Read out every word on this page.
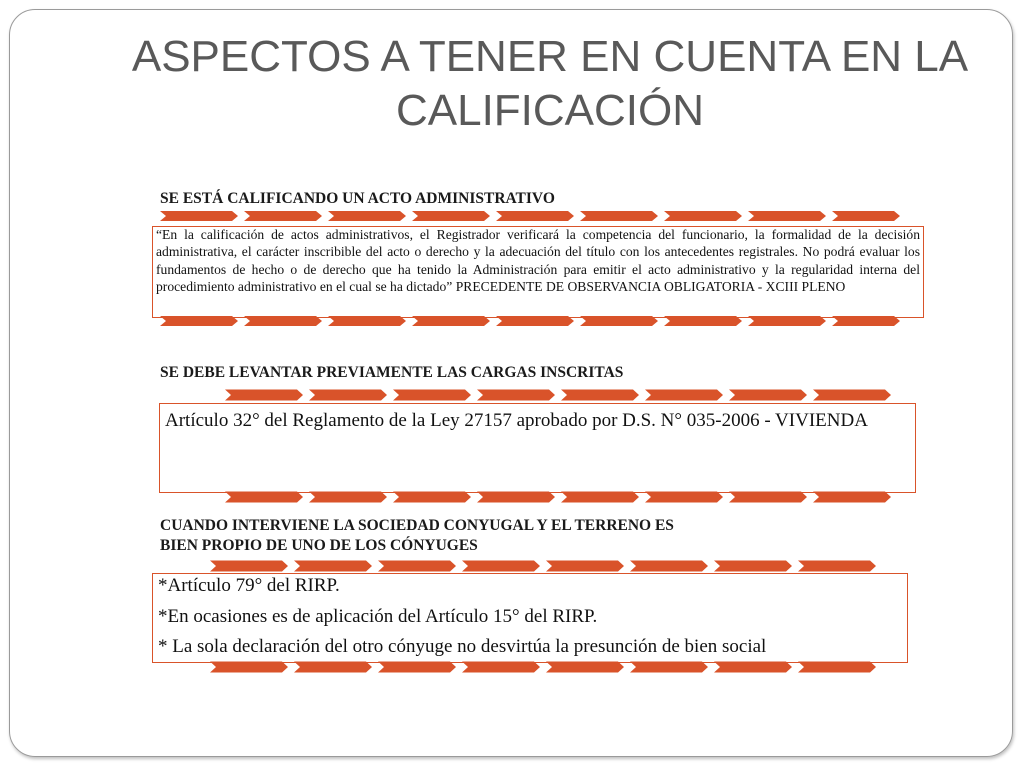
ASPECTOS A TENER EN CUENTA EN LA CALIFICACIÓN
SE ESTÁ CALIFICANDO UN ACTO ADMINISTRATIVO
“En la calificación de actos administrativos, el Registrador verificará la competencia del funcionario, la formalidad de la decisión administrativa, el carácter inscribible del acto o derecho y la adecuación del título con los antecedentes registrales. No podrá evaluar los fundamentos de hecho o de derecho que ha tenido la Administración para emitir el acto administrativo y la regularidad interna del procedimiento administrativo en el cual se ha dictado” PRECEDENTE DE OBSERVANCIA OBLIGATORIA - XCIII PLENO
SE DEBE LEVANTAR PREVIAMENTE LAS CARGAS INSCRITAS
Artículo 32° del Reglamento de la Ley 27157 aprobado por D.S. N° 035-2006 - VIVIENDA
CUANDO INTERVIENE LA SOCIEDAD CONYUGAL Y EL TERRENO ES
BIEN PROPIO DE UNO DE LOS CÓNYUGES
*Artículo 79° del RIRP.
*En ocasiones es de aplicación del Artículo 15° del RIRP.
* La sola declaración del otro cónyuge no desvirtúa la presunción de bien social
